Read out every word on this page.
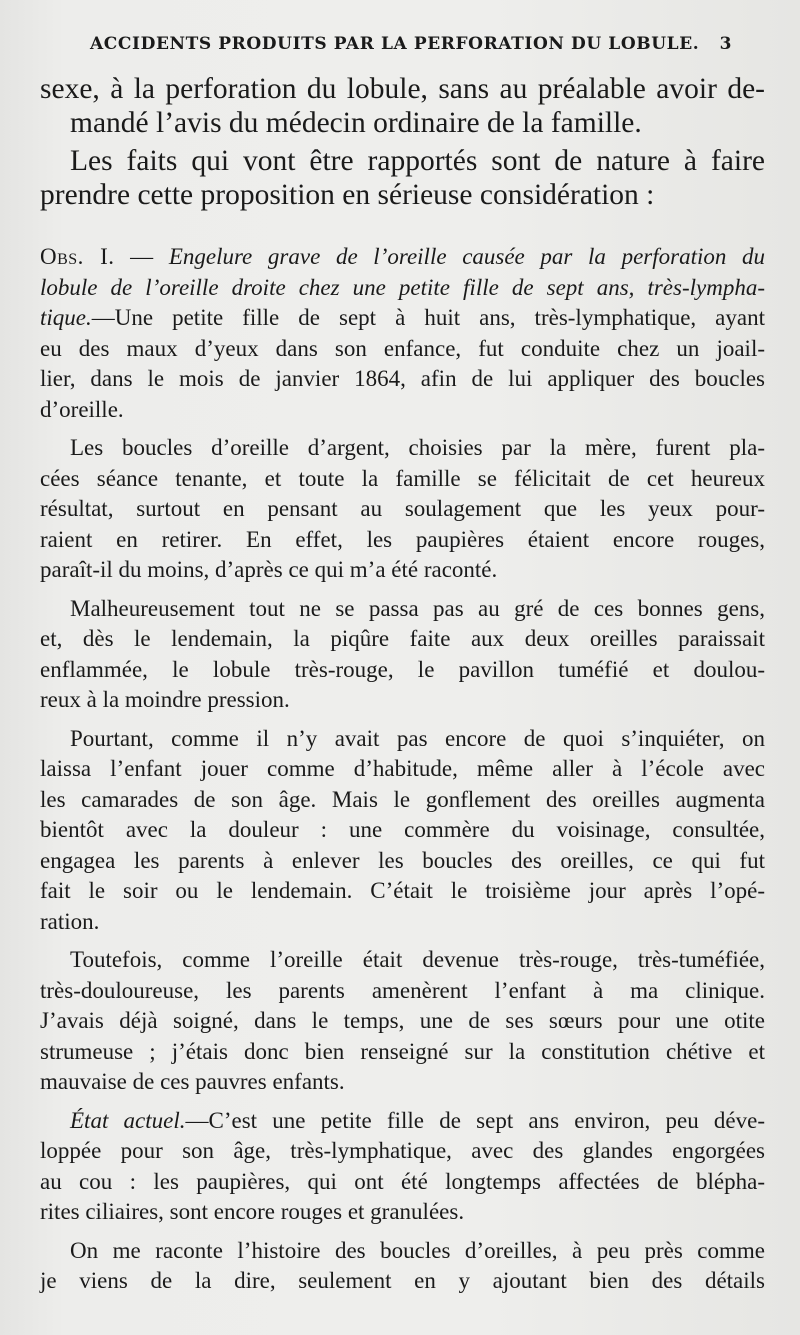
ACCIDENTS PRODUITS PAR LA PERFORATION DU LOBULE. 3
sexe, à la perforation du lobule, sans au préalable avoir de-
mandé l’avis du médecin ordinaire de la famille.
Les faits qui vont être rapportés sont de nature à faire
prendre cette proposition en sérieuse considération :
Obs. I. — Engelure grave de l’oreille causée par la perforation du
lobule de l’oreille droite chez une petite fille de sept ans, très-lympha-
tique.—Une petite fille de sept à huit ans, très-lymphatique, ayant
eu des maux d’yeux dans son enfance, fut conduite chez un joail-
lier, dans le mois de janvier 1864, afin de lui appliquer des boucles
d’oreille.
Les boucles d’oreille d’argent, choisies par la mère, furent pla-
cées séance tenante, et toute la famille se félicitait de cet heureux
résultat, surtout en pensant au soulagement que les yeux pour-
raient en retirer. En effet, les paupières étaient encore rouges,
paraît-il du moins, d’après ce qui m’a été raconté.
Malheureusement tout ne se passa pas au gré de ces bonnes gens,
et, dès le lendemain, la piqûre faite aux deux oreilles paraissait
enflammée, le lobule très-rouge, le pavillon tuméfié et doulou-
reux à la moindre pression.
Pourtant, comme il n’y avait pas encore de quoi s’inquiéter, on
laissa l’enfant jouer comme d’habitude, même aller à l’école avec
les camarades de son âge. Mais le gonflement des oreilles augmenta
bientôt avec la douleur : une commère du voisinage, consultée,
engagea les parents à enlever les boucles des oreilles, ce qui fut
fait le soir ou le lendemain. C’était le troisième jour après l’opé-
ration.
Toutefois, comme l’oreille était devenue très-rouge, très-tuméfiée,
très-douloureuse, les parents amenèrent l’enfant à ma clinique.
J’avais déjà soigné, dans le temps, une de ses sœurs pour une otite
strumeuse ; j’étais donc bien renseigné sur la constitution chétive et
mauvaise de ces pauvres enfants.
État actuel.—C’est une petite fille de sept ans environ, peu déve-
loppée pour son âge, très-lymphatique, avec des glandes engorgées
au cou : les paupières, qui ont été longtemps affectées de blépha-
rites ciliaires, sont encore rouges et granulées.
On me raconte l’histoire des boucles d’oreilles, à peu près comme
je viens de la dire, seulement en y ajoutant bien des détails
